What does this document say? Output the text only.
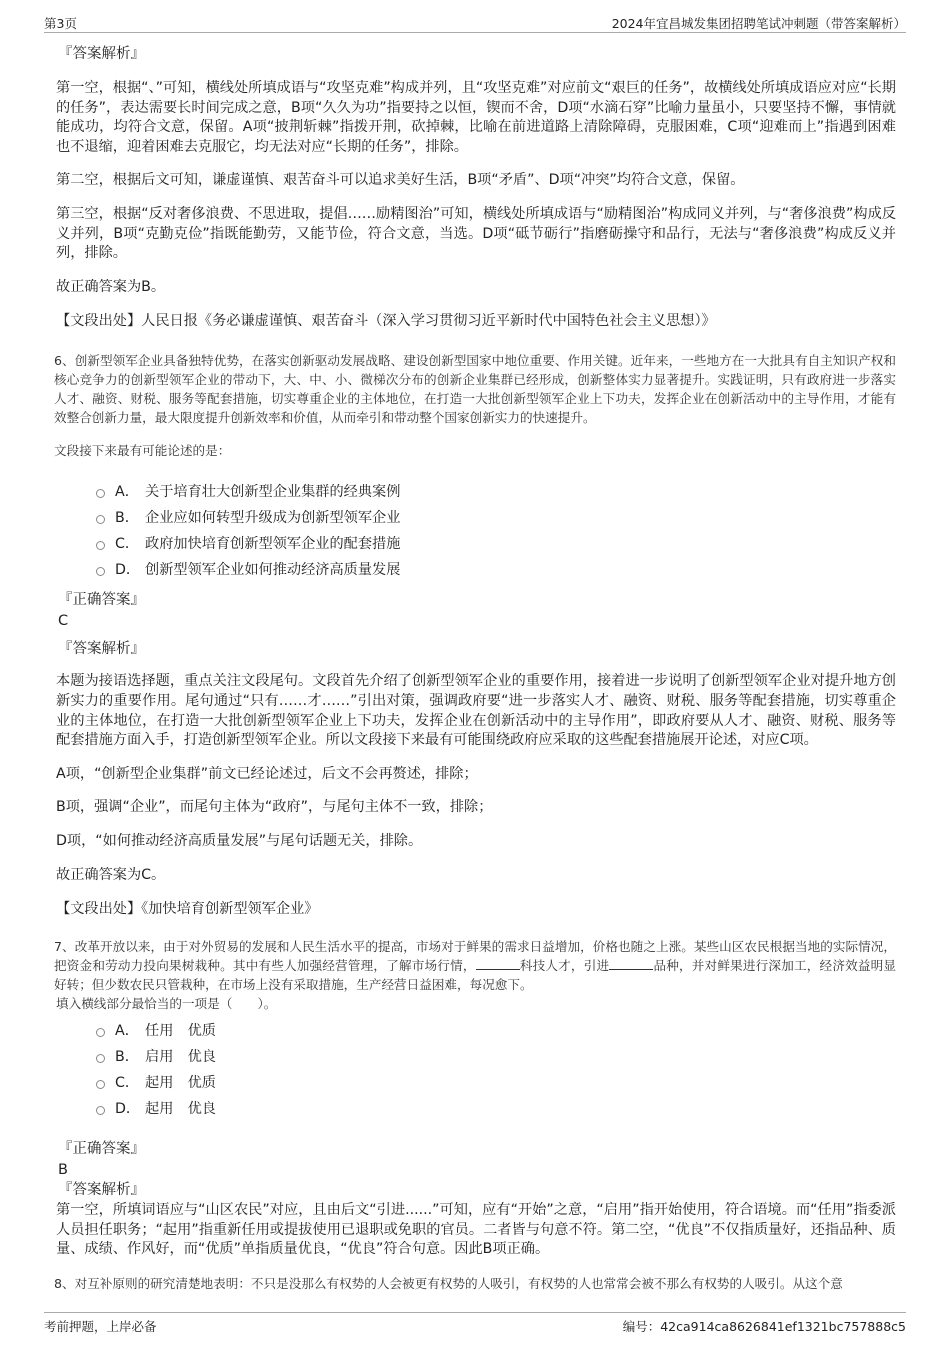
第3页	2024年宜昌城发集团招聘笔试冲刺题（带答案解析）
『答案解析』

第一空，根据“、”可知，横线处所填成语与“攻坚克难”构成并列，且“攻坚克难”对应前文“艰巨的任务”，故横线处所填成语应对应“长期的任务”，表达需要长时间完成之意，B项“久久为功”指要持之以恒，锲而不舍，D项“水滴石穿”比喻力量虽小，只要坚持不懈，事情就能成功，均符合文意，保留。A项“披荆斩棘”指拨开荆，砍掉棘，比喻在前进道路上清除障碍，克服困难，C项“迎难而上”指遇到困难也不退缩，迎着困难去克服它，均无法对应“长期的任务”，排除。

第二空，根据后文可知，谦虚谨慎、艰苦奋斗可以追求美好生活，B项“矛盾”、D项“冲突”均符合文意，保留。

第三空，根据“反对奢侈浪费、不思进取，提倡……励精图治”可知，横线处所填成语与“励精图治”构成同义并列，与“奢侈浪费”构成反义并列，B项“克勤克俭”指既能勤劳，又能节俭，符合文意，当选。D项“砥节砺行”指磨砺操守和品行，无法与“奢侈浪费”构成反义并列，排除。

故正确答案为B。

【文段出处】人民日报《务必谦虚谨慎、艰苦奋斗（深入学习贯彻习近平新时代中国特色社会主义思想）》

6、创新型领军企业具备独特优势，在落实创新驱动发展战略、建设创新型国家中地位重要、作用关键。近年来，一些地方在一大批具有自主知识产权和核心竞争力的创新型领军企业的带动下，大、中、小、微梯次分布的创新企业集群已经形成，创新整体实力显著提升。实践证明，只有政府进一步落实人才、融资、财税、服务等配套措施，切实尊重企业的主体地位，在打造一大批创新型领军企业上下功夫，发挥企业在创新活动中的主导作用，才能有效整合创新力量，最大限度提升创新效率和价值，从而牵引和带动整个国家创新实力的快速提升。

文段接下来最有可能论述的是：

A． 关于培育壮大创新型企业集群的经典案例
B． 企业应如何转型升级成为创新型领军企业
C． 政府加快培育创新型领军企业的配套措施
D． 创新型领军企业如何推动经济高质量发展
『正确答案』
C
『答案解析』

本题为接语选择题，重点关注文段尾句。文段首先介绍了创新型领军企业的重要作用，接着进一步说明了创新型领军企业对提升地方创新实力的重要作用。尾句通过“只有……才……”引出对策，强调政府要“进一步落实人才、融资、财税、服务等配套措施，切实尊重企业的主体地位，在打造一大批创新型领军企业上下功夫，发挥企业在创新活动中的主导作用”，即政府要从人才、融资、财税、服务等配套措施方面入手，打造创新型领军企业。所以文段接下来最有可能围绕政府应采取的这些配套措施展开论述，对应C项。

A项，“创新型企业集群”前文已经论述过，后文不会再赘述，排除；

B项，强调“企业”，而尾句主体为“政府”，与尾句主体不一致，排除；

D项，“如何推动经济高质量发展”与尾句话题无关，排除。

故正确答案为C。

【文段出处】《加快培育创新型领军企业》

7、改革开放以来，由于对外贸易的发展和人民生活水平的提高，市场对于鲜果的需求日益增加，价格也随之上涨。某些山区农民根据当地的实际情况，把资金和劳动力投向果树栽种。其中有些人加强经营管理，了解市场行情，	科技人才，引进	品种，并对鲜果进行深加工，经济效益明显好转；但少数农民只管栽种，在市场上没有采取措施，生产经营日益困难，每况愈下。

填入横线部分最恰当的一项是（　　）。

A． 任用　优质
B． 启用　优良
C． 起用　优质
D． 起用　优良
『正确答案』
B
『答案解析』

第一空，所填词语应与“山区农民”对应，且由后文“引进......”可知，应有“开始”之意，“启用”指开始使用，符合语境。而“任用”指委派人员担任职务；“起用”指重新任用或提拔使用已退职或免职的官员。二者皆与句意不符。第二空，“优良”不仅指质量好，还指品种、质量、成绩、作风好，而“优质”单指质量优良，“优良”符合句意。因此B项正确。

8、对互补原则的研究清楚地表明：不只是没那么有权势的人会被更有权势的人吸引，有权势的人也常常会被不那么有权势的人吸引。从这个意

考前押题，上岸必备	编号：42ca914ca8626841ef1321bc757888c5
